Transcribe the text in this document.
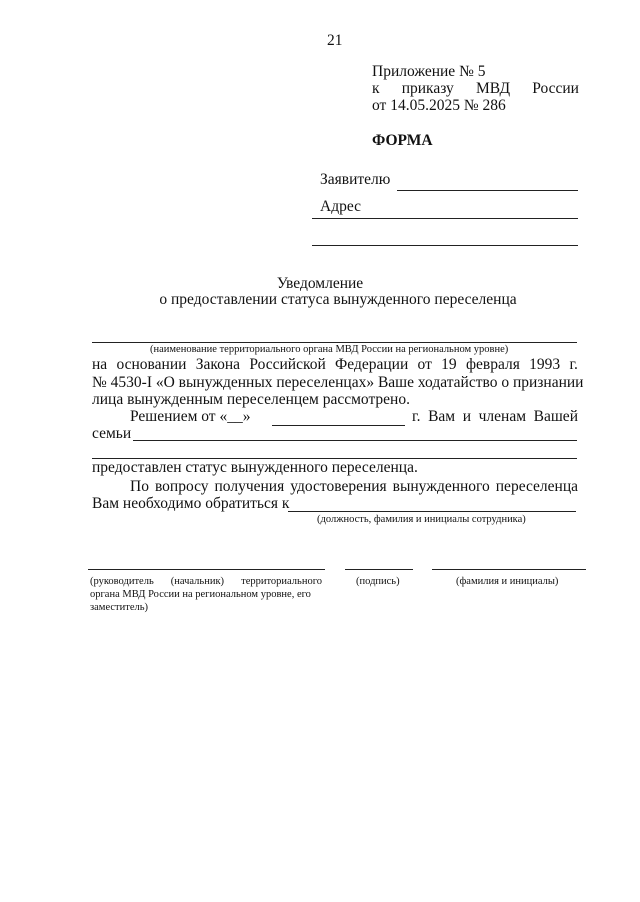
21
Приложение № 5
к приказу МВД России
от 14.05.2025 № 286
ФОРМА
Заявителю
Адрес
Уведомление
о предоставлении статуса вынужденного переселенца
(наименование территориального органа МВД России на региональном уровне)
на основании Закона Российской Федерации от 19 февраля 1993 г.
№ 4530-I «О вынужденных переселенцах» Ваше ходатайство о признании
лица вынужденным переселенцем рассмотрено.
Решением от «__»	г. Вам и членам Вашей
семьи
предоставлен статус вынужденного переселенца.
По вопросу получения удостоверения вынужденного переселенца
Вам необходимо обратиться к
(должность, фамилия и инициалы сотрудника)
(руководитель (начальник) территориального
органа МВД России на региональном уровне, его
заместитель)
(подпись)	(фамилия и инициалы)
